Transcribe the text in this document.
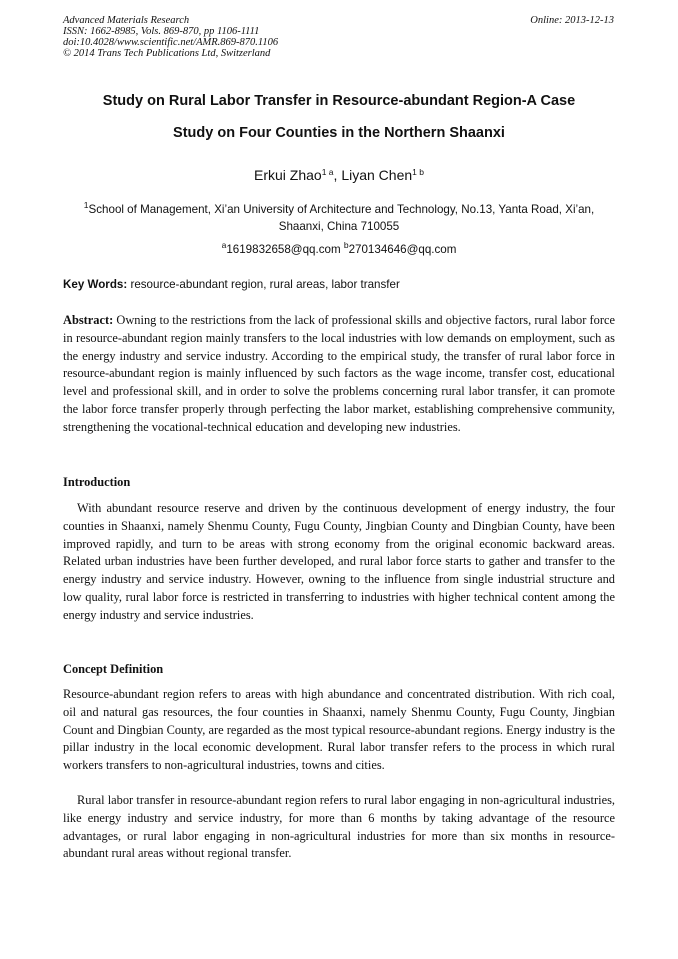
Advanced Materials Research
ISSN: 1662-8985, Vols. 869-870, pp 1106-1111
doi:10.4028/www.scientific.net/AMR.869-870.1106
© 2014 Trans Tech Publications Ltd, Switzerland
Online: 2013-12-13
Study on Rural Labor Transfer in Resource-abundant Region-A Case
Study on Four Counties in the Northern Shaanxi
Erkui Zhao$^{1 a}$, Liyan Chen$^{1 b}$
$^1$School of Management, Xi’an University of Architecture and Technology, No.13, Yanta Road, Xi’an, Shaanxi, China 710055
$^a$1619832658@qq.com $^b$270134646@qq.com
Key Words: resource-abundant region, rural areas, labor transfer
Abstract: Owning to the restrictions from the lack of professional skills and objective factors, rural labor force in resource-abundant region mainly transfers to the local industries with low demands on employment, such as the energy industry and service industry. According to the empirical study, the transfer of rural labor force in resource-abundant region is mainly influenced by such factors as the wage income, transfer cost, educational level and professional skill, and in order to solve the problems concerning rural labor transfer, it can promote the labor force transfer properly through perfecting the labor market, establishing comprehensive community, strengthening the vocational-technical education and developing new industries.
Introduction
With abundant resource reserve and driven by the continuous development of energy industry, the four counties in Shaanxi, namely Shenmu County, Fugu County, Jingbian County and Dingbian County, have been improved rapidly, and turn to be areas with strong economy from the original economic backward areas. Related urban industries have been further developed, and rural labor force starts to gather and transfer to the energy industry and service industry. However, owning to the influence from single industrial structure and low quality, rural labor force is restricted in transferring to industries with higher technical content among the energy industry and service industries.
Concept Definition
Resource-abundant region refers to areas with high abundance and concentrated distribution. With rich coal, oil and natural gas resources, the four counties in Shaanxi, namely Shenmu County, Fugu County, Jingbian Count and Dingbian County, are regarded as the most typical resource-abundant regions. Energy industry is the pillar industry in the local economic development. Rural labor transfer refers to the process in which rural workers transfers to non-agricultural industries, towns and cities.
Rural labor transfer in resource-abundant region refers to rural labor engaging in non-agricultural industries, like energy industry and service industry, for more than 6 months by taking advantage of the resource advantages, or rural labor engaging in non-agricultural industries for more than six months in resource-abundant rural areas without regional transfer.
